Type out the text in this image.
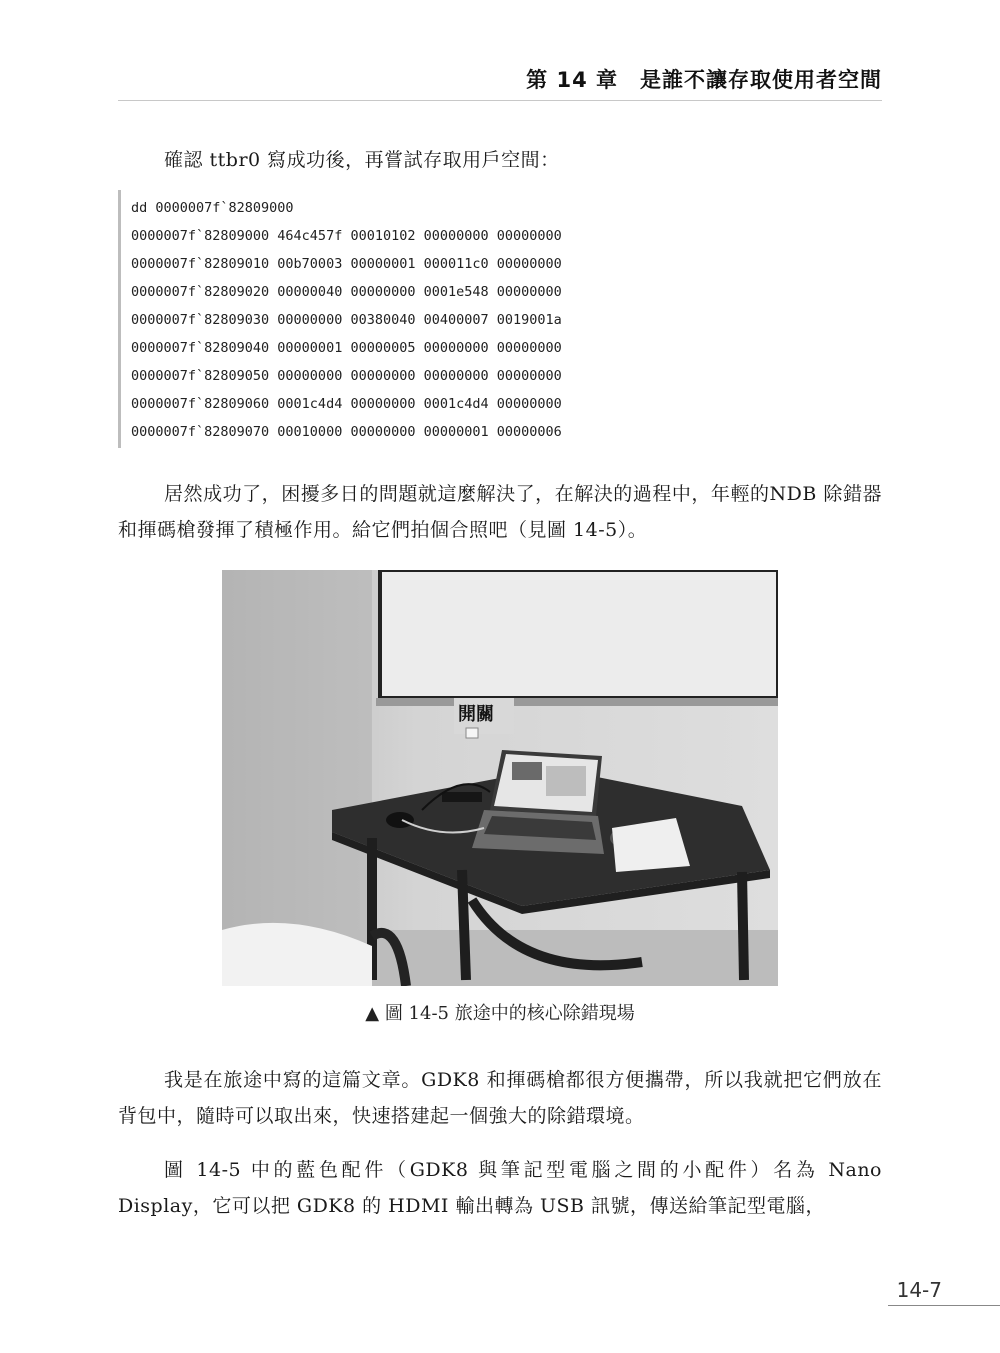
第 14 章　是誰不讓存取使用者空間
確認 ttbr0 寫成功後，再嘗試存取用戶空間：
dd 0000007f`82809000
0000007f`82809000 464c457f 00010102 00000000 00000000
0000007f`82809010 00b70003 00000001 000011c0 00000000
0000007f`82809020 00000040 00000000 0001e548 00000000
0000007f`82809030 00000000 00380040 00400007 0019001a
0000007f`82809040 00000001 00000005 00000000 00000000
0000007f`82809050 00000000 00000000 00000000 00000000
0000007f`82809060 0001c4d4 00000000 0001c4d4 00000000
0000007f`82809070 00010000 00000000 00000001 00000006
居然成功了，困擾多日的問題就這麼解決了，在解決的過程中，年輕的NDB 除錯器和揮碼槍發揮了積極作用。給它們拍個合照吧（見圖 14-5）。
開關
▲ 圖 14-5 旅途中的核心除錯現場
我是在旅途中寫的這篇文章。GDK8 和揮碼槍都很方便攜帶，所以我就把它們放在背包中，隨時可以取出來，快速搭建起一個強大的除錯環境。
圖 14-5 中的藍色配件（GDK8 與筆記型電腦之間的小配件）名為 Nano Display，它可以把 GDK8 的 HDMI 輸出轉為 USB 訊號，傳送給筆記型電腦，
14-7
